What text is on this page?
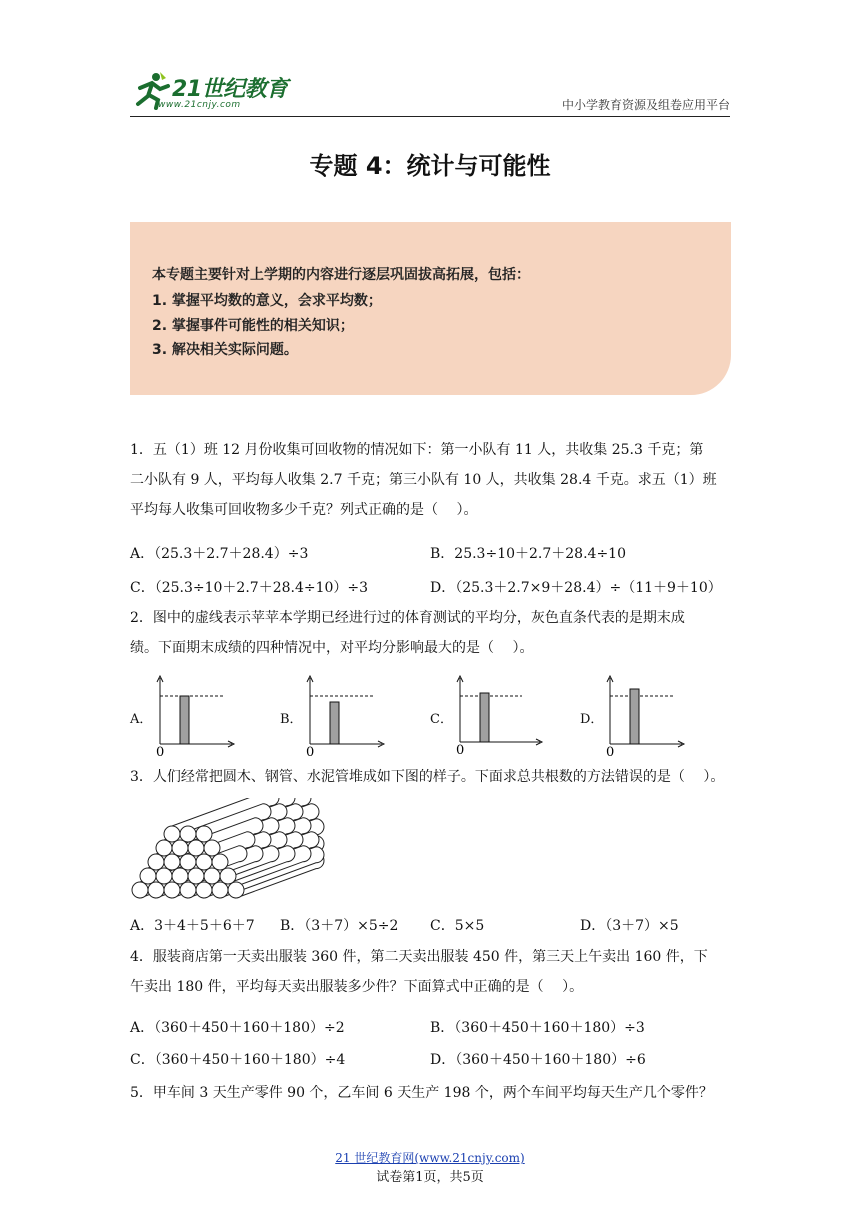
21世纪教育
www.21cnjy.com	中小学教育资源及组卷应用平台
专题 4：统计与可能性
本专题主要针对上学期的内容进行逐层巩固拔高拓展，包括：
1. 掌握平均数的意义，会求平均数；
2. 掌握事件可能性的相关知识；
3. 解决相关实际问题。
1．五（1）班 12 月份收集可回收物的情况如下：第一小队有 11 人，共收集 25.3 千克；第
二小队有 9 人，平均每人收集 2.7 千克；第三小队有 10 人，共收集 28.4 千克。求五（1）班
平均每人收集可回收物多少千克？列式正确的是（　 ）。
A．（25.3＋2.7＋28.4）÷3	B．25.3÷10＋2.7＋28.4÷10
C．（25.3÷10＋2.7＋28.4÷10）÷3	D．（25.3＋2.7×9＋28.4）÷（11＋9＋10）
2．图中的虚线表示苹苹本学期已经进行过的体育测试的平均分，灰色直条代表的是期末成
绩。下面期末成绩的四种情况中，对平均分影响最大的是（　 ）。
A．
0
B．
0
C．
0
D．
0
3．人们经常把圆木、钢管、水泥管堆成如下图的样子。下面求总共根数的方法错误的是（　 ）。
A．3＋4＋5＋6＋7 B．（3＋7）×5÷2 C．5×5	D．（3＋7）×5
4．服装商店第一天卖出服装 360 件，第二天卖出服装 450 件，第三天上午卖出 160 件，下
午卖出 180 件，平均每天卖出服装多少件？下面算式中正确的是（　 ）。
A．（360＋450＋160＋180）÷2	B．（360＋450＋160＋180）÷3
C．（360＋450＋160＋180）÷4	D．（360＋450＋160＋180）÷6
5．甲车间 3 天生产零件 90 个，乙车间 6 天生产 198 个，两个车间平均每天生产几个零件？
21 世纪教育网(www.21cnjy.com)
试卷第1页，共5页
